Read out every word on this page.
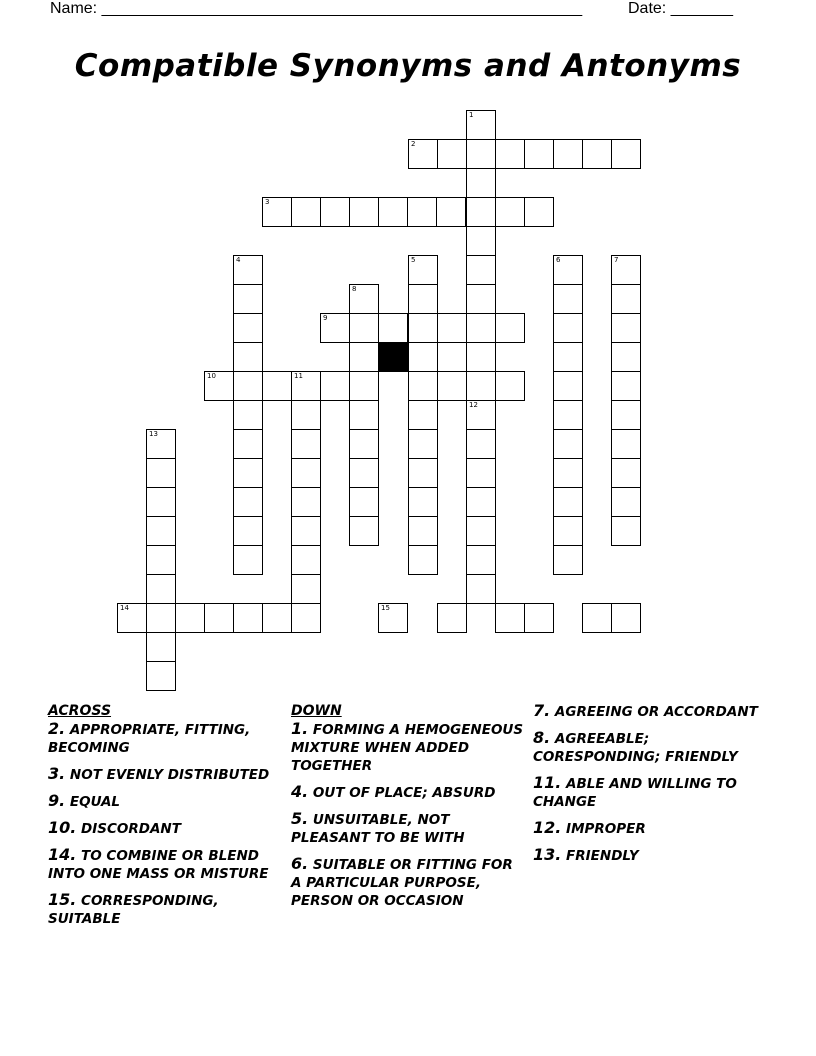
Name: ______________________________________________________	Date: _______
Compatible Synonyms and Antonyms
1
12
2
3
4	5	6	7
8
9
10	11
13
14	15
ACROSS
2. APPROPRIATE, FITTING, BECOMING
3. NOT EVENLY DISTRIBUTED
9. EQUAL
10. DISCORDANT
14. TO COMBINE OR BLEND INTO ONE MASS OR MISTURE
15. CORRESPONDING, SUITABLE
DOWN
1. FORMING A HEMOGENEOUS MIXTURE WHEN ADDED TOGETHER
4. OUT OF PLACE; ABSURD
5. UNSUITABLE, NOT PLEASANT TO BE WITH
6. SUITABLE OR FITTING FOR A PARTICULAR PURPOSE, PERSON OR OCCASION
7. AGREEING OR ACCORDANT
8. AGREEABLE; CORESPONDING; FRIENDLY
11. ABLE AND WILLING TO CHANGE
12. IMPROPER
13. FRIENDLY
